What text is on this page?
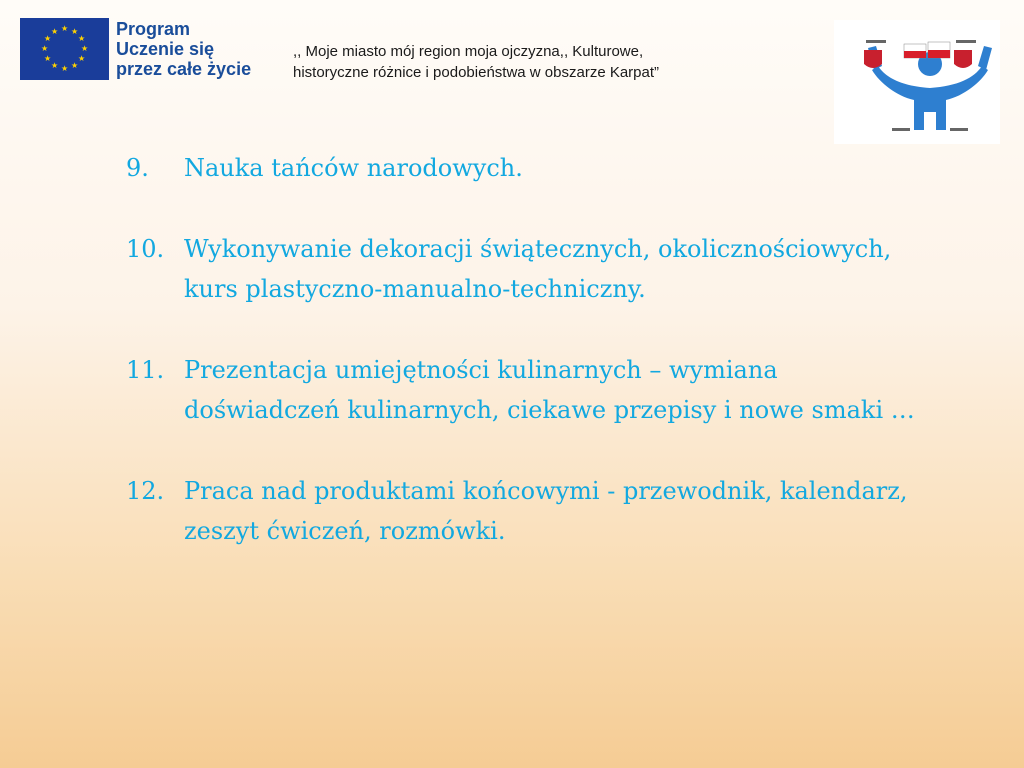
★ ★
★
★
★
★
★
★
★
★
★
★	Program
Uczenie się
przez całe życie
,, Moje miasto mój region moja ojczyzna,, Kulturowe,
historyczne różnice i podobieństwa w obszarze Karpat”
9.	Nauka tańców narodowych.
10. Wykonywanie dekoracji świątecznych, okolicznościowych, kurs plastyczno-manualno-techniczny.
11. Prezentacja umiejętności kulinarnych – wymiana doświadczeń kulinarnych, ciekawe przepisy i nowe smaki …
12. Praca nad produktami końcowymi - przewodnik, kalendarz, zeszyt ćwiczeń, rozmówki.
